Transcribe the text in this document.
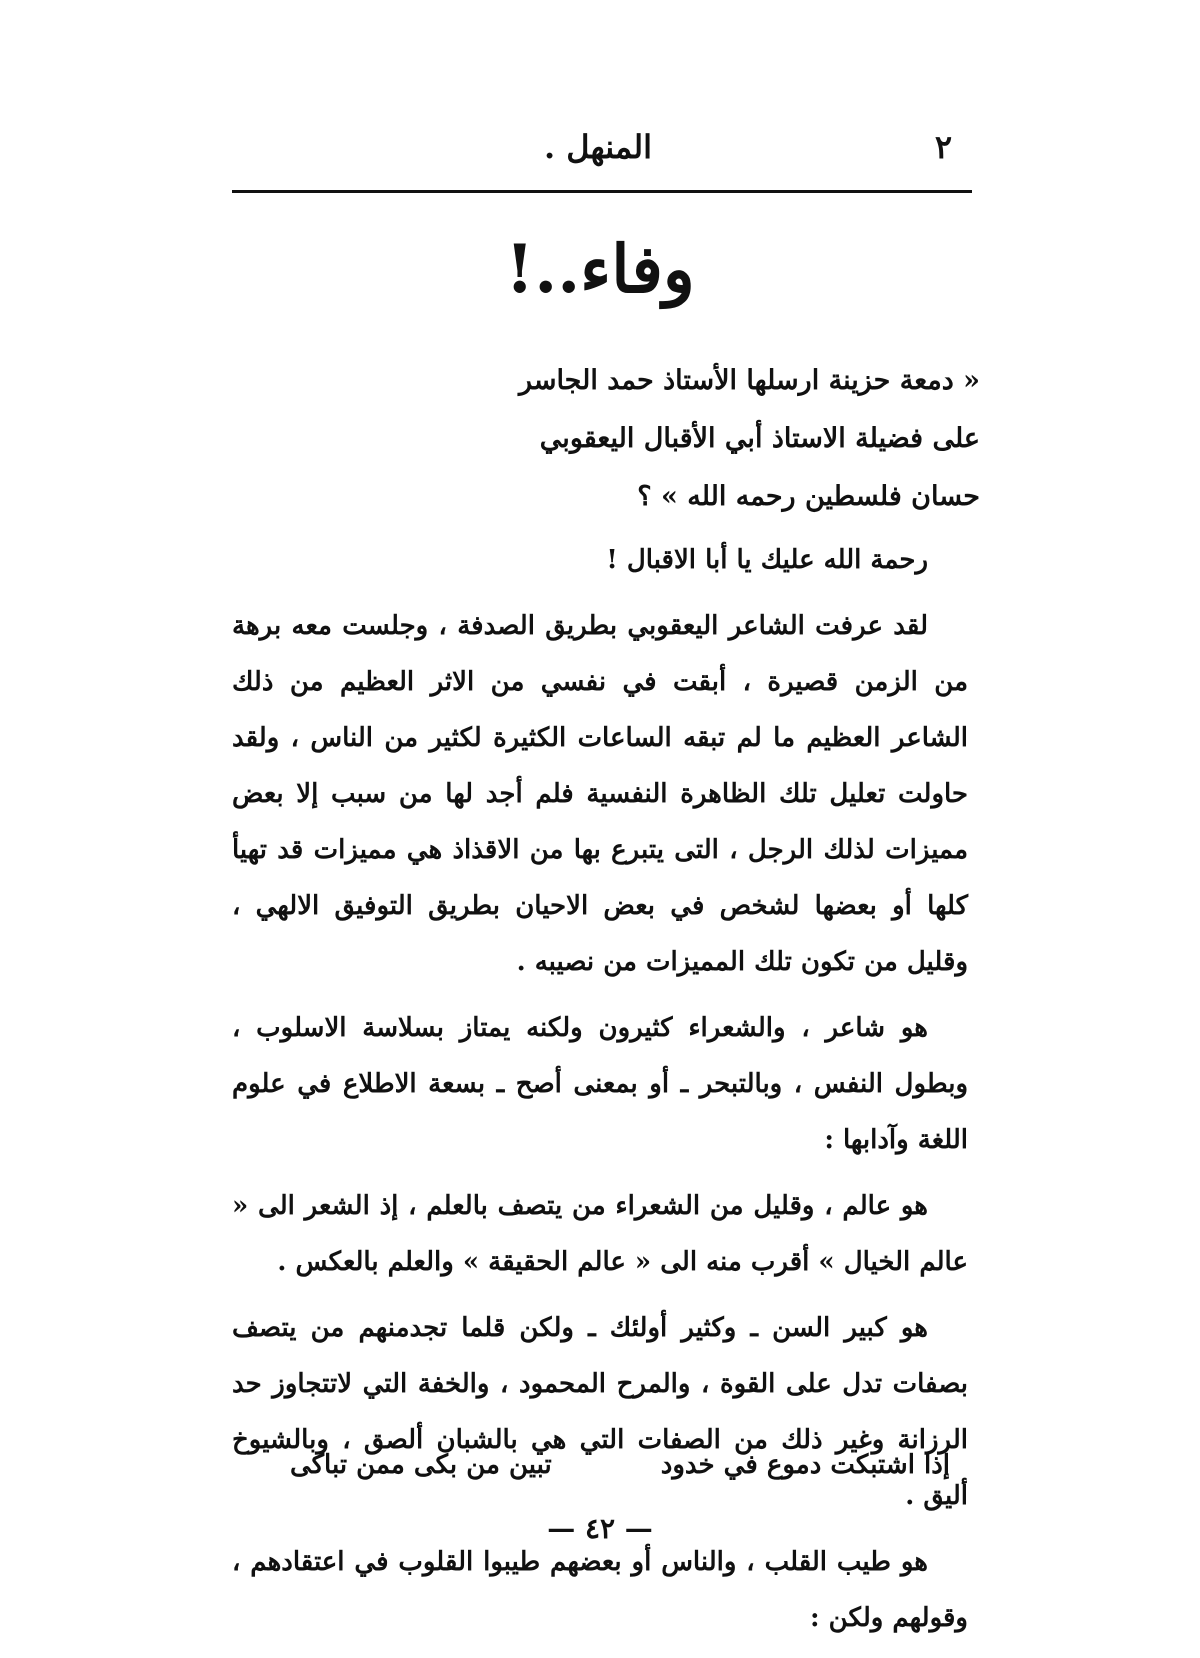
٢
المنهل .
وفاء..!
« دمعة حزينة ارسلها الأستاذ حمد الجاسر على فضيلة الاستاذ أبي الأقبال اليعقوبي حسان فلسطين رحمه الله » ؟

رحمة الله عليك يا أبا الاقبال !

لقد عرفت الشاعر اليعقوبي بطريق الصدفة ، وجلست معه برهة من الزمن قصيرة ، أبقت في نفسي من الاثر العظيم من ذلك الشاعر العظيم ما لم تبقه الساعات الكثيرة لكثير من الناس ، ولقد حاولت تعليل تلك الظاهرة النفسية فلم أجد لها من سبب إلا بعض مميزات لذلك الرجل ، التى يتبرع بها من الاقذاذ هي مميزات قد تهيأ كلها أو بعضها لشخص في بعض الاحيان بطريق التوفيق الالهي ، وقليل من تكون تلك المميزات من نصيبه .

هو شاعر ، والشعراء كثيرون ولكنه يمتاز بسلاسة الاسلوب ، وبطول النفس ، وبالتبحر ـ أو بمعنى أصح ـ بسعة الاطلاع في علوم اللغة وآدابها :

هو عالم ، وقليل من الشعراء من يتصف بالعلم ، إذ الشعر الى « عالم الخيال » أقرب منه الى « عالم الحقيقة » والعلم بالعكس .

هو كبير السن ـ وكثير أولئك ـ ولكن قلما تجدمنهم من يتصف بصفات تدل على القوة ، والمرح المحمود ، والخفة التي لاتتجاوز حد الرزانة وغير ذلك من الصفات التي هي بالشبان ألصق ، وبالشيوخ أليق .

هو طيب القلب ، والناس أو بعضهم طيبوا القلوب في اعتقادهم ، وقولهم ولكن :

إذا اشتبكت دموع في خدود
تبين من بكى ممن تباكى
— ٤٢ —
